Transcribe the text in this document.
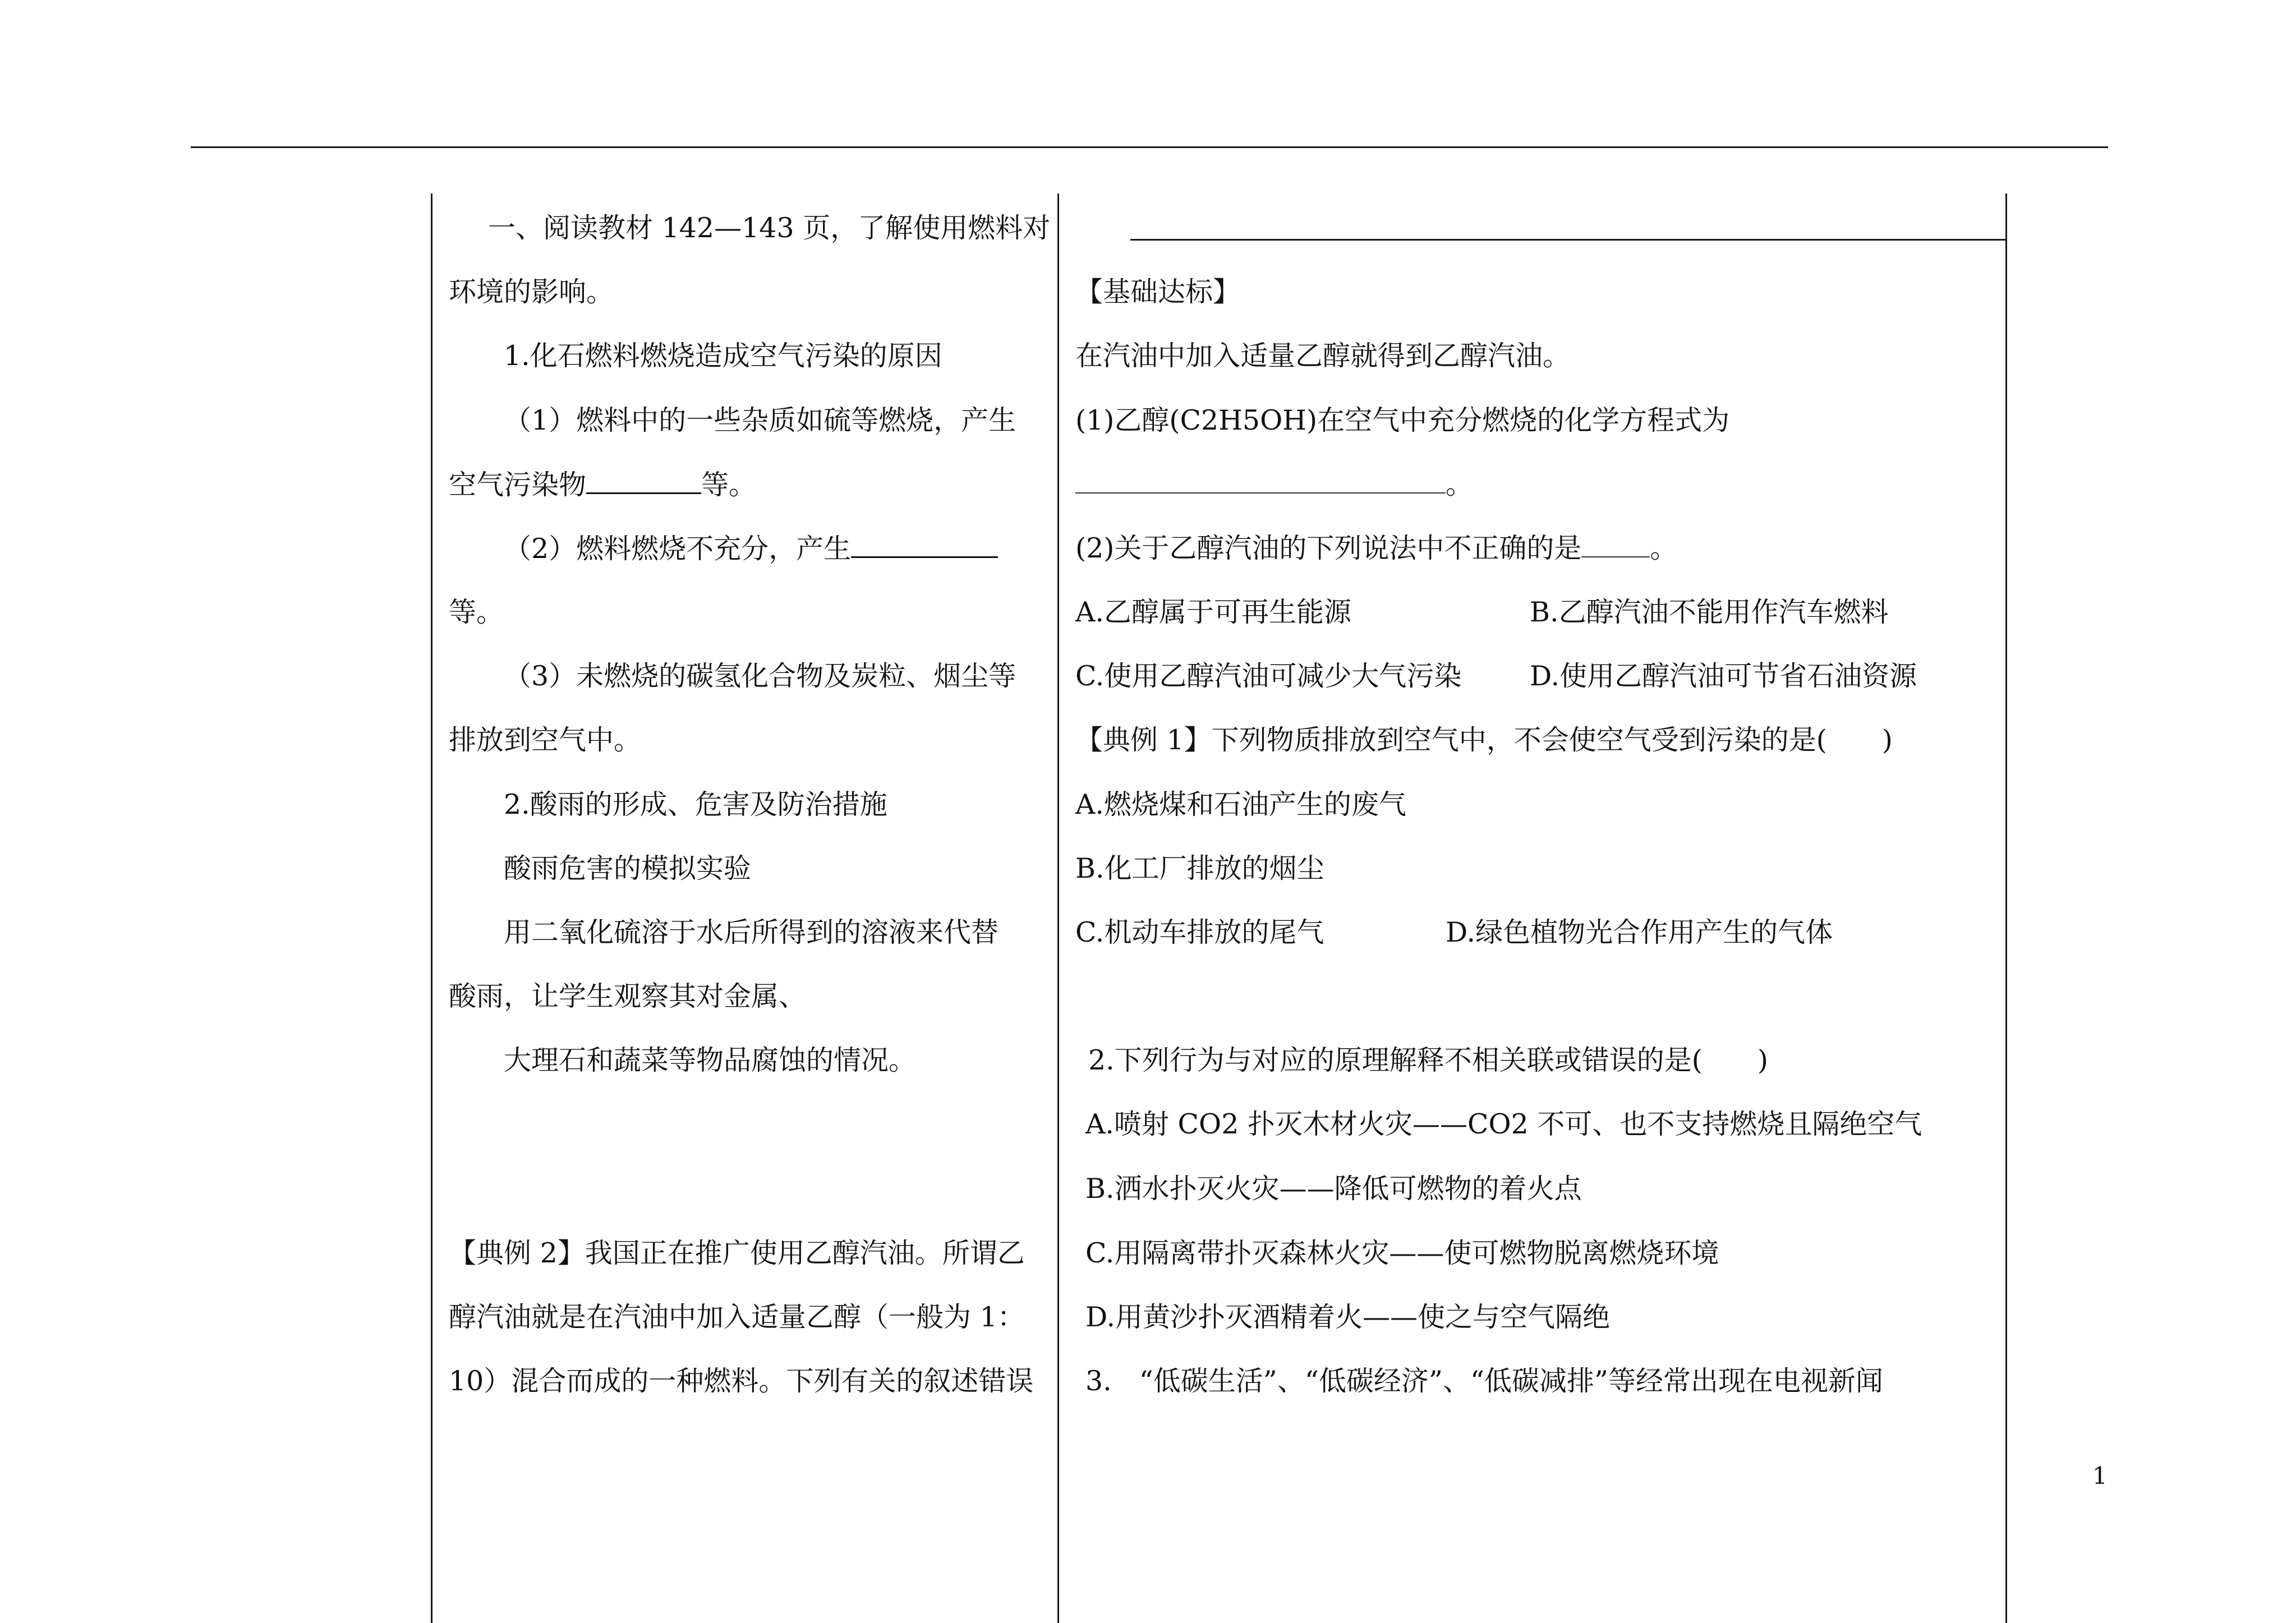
一、阅读教材 142—143 页，了解使用燃料对
环境的影响。
1.化石燃料燃烧造成空气污染的原因
（1）燃料中的一些杂质如硫等燃烧，产生
空气污染物	等。
（2）燃料燃烧不充分，产生
等。
（3）未燃烧的碳氢化合物及炭粒、烟尘等
排放到空气中。
2.酸雨的形成、危害及防治措施
酸雨危害的模拟实验
用二氧化硫溶于水后所得到的溶液来代替
酸雨，让学生观察其对金属、
大理石和蔬菜等物品腐蚀的情况。
【典例 2】我国正在推广使用乙醇汽油。所谓乙
醇汽油就是在汽油中加入适量乙醇（一般为 1：
10）混合而成的一种燃料。下列有关的叙述错误
【基础达标】
在汽油中加入适量乙醇就得到乙醇汽油。
(1)乙醇(C2H5OH)在空气中充分燃烧的化学方程式为
。
(2)关于乙醇汽油的下列说法中不正确的是 。
A.乙醇属于可再生能源	B.乙醇汽油不能用作汽车燃料
C.使用乙醇汽油可减少大气污染 D.使用乙醇汽油可节省石油资源
【典例 1】下列物质排放到空气中，不会使空气受到污染的是(　　)
A.燃烧煤和石油产生的废气
B.化工厂排放的烟尘
C.机动车排放的尾气	D.绿色植物光合作用产生的气体
2.下列行为与对应的原理解释不相关联或错误的是(　　)
A.喷射 CO2 扑灭木材火灾——CO2 不可、也不支持燃烧且隔绝空气
B.洒水扑灭火灾——降低可燃物的着火点
C.用隔离带扑灭森林火灾——使可燃物脱离燃烧环境
D.用黄沙扑灭酒精着火——使之与空气隔绝
3.　“低碳生活”、“低碳经济”、“低碳减排”等经常出现在电视新闻
1
